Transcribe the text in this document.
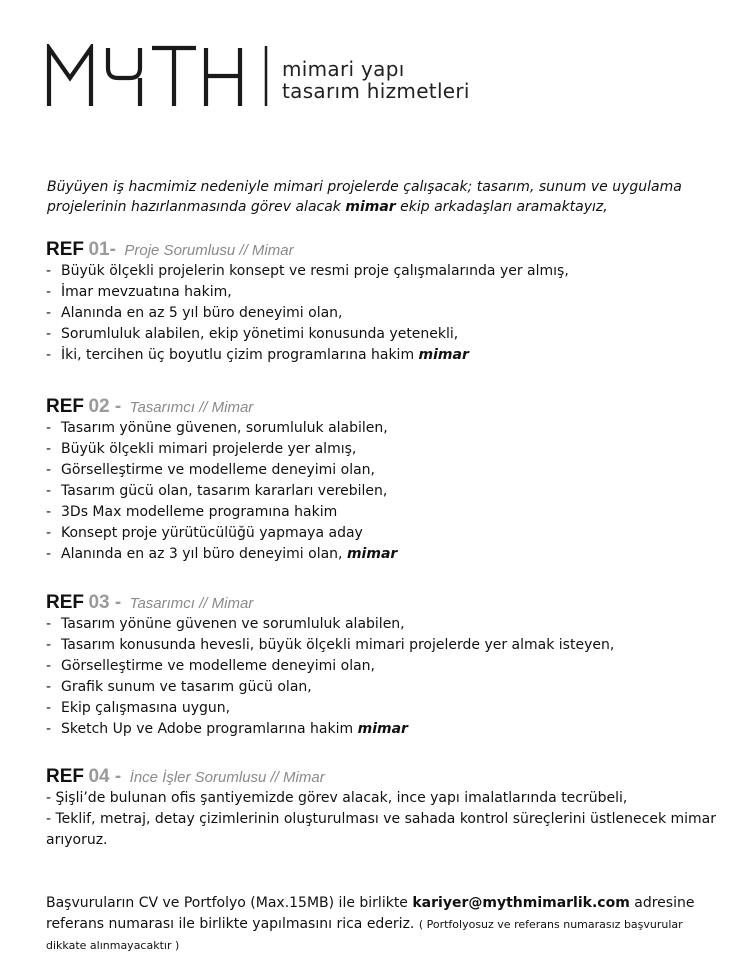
mimari yapı
tasarım hizmetleri
Büyüyen iş hacmimiz nedeniyle mimari projelerde çalışacak; tasarım, sunum ve uygulama projelerinin hazırlanmasında görev alacak mimar ekip arkadaşları aramaktayız,
REF 01- Proje Sorumlusu // Mimar
- Büyük ölçekli projelerin konsept ve resmi proje çalışmalarında yer almış,
- İmar mevzuatına hakim,
- Alanında en az 5 yıl büro deneyimi olan,
- Sorumluluk alabilen, ekip yönetimi konusunda yetenekli,
- İki, tercihen üç boyutlu çizim programlarına hakim mimar
REF 02 - Tasarımcı // Mimar
- Tasarım yönüne güvenen, sorumluluk alabilen,
- Büyük ölçekli mimari projelerde yer almış,
- Görselleştirme ve modelleme deneyimi olan,
- Tasarım gücü olan, tasarım kararları verebilen,
- 3Ds Max modelleme programına hakim
- Konsept proje yürütücülüğü yapmaya aday
- Alanında en az 3 yıl büro deneyimi olan, mimar
REF 03 - Tasarımcı // Mimar
- Tasarım yönüne güvenen ve sorumluluk alabilen,
- Tasarım konusunda hevesli, büyük ölçekli mimari projelerde yer almak isteyen,
- Görselleştirme ve modelleme deneyimi olan,
- Grafik sunum ve tasarım gücü olan,
- Ekip çalışmasına uygun,
- Sketch Up ve Adobe programlarına hakim mimar
REF 04 - İnce İşler Sorumlusu // Mimar
- Şişli’de bulunan ofis şantiyemizde görev alacak, ince yapı imalatlarında tecrübeli,
- Teklif, metraj, detay çizimlerinin oluşturulması ve sahada kontrol süreçlerini üstlenecek mimar arıyoruz.
Başvuruların CV ve Portfolyo (Max.15MB) ile birlikte kariyer@mythmimarlik.com adresine referans numarası ile birlikte yapılmasını rica ederiz. ( Portfolyosuz ve referans numarasız başvurular dikkate alınmayacaktır )
